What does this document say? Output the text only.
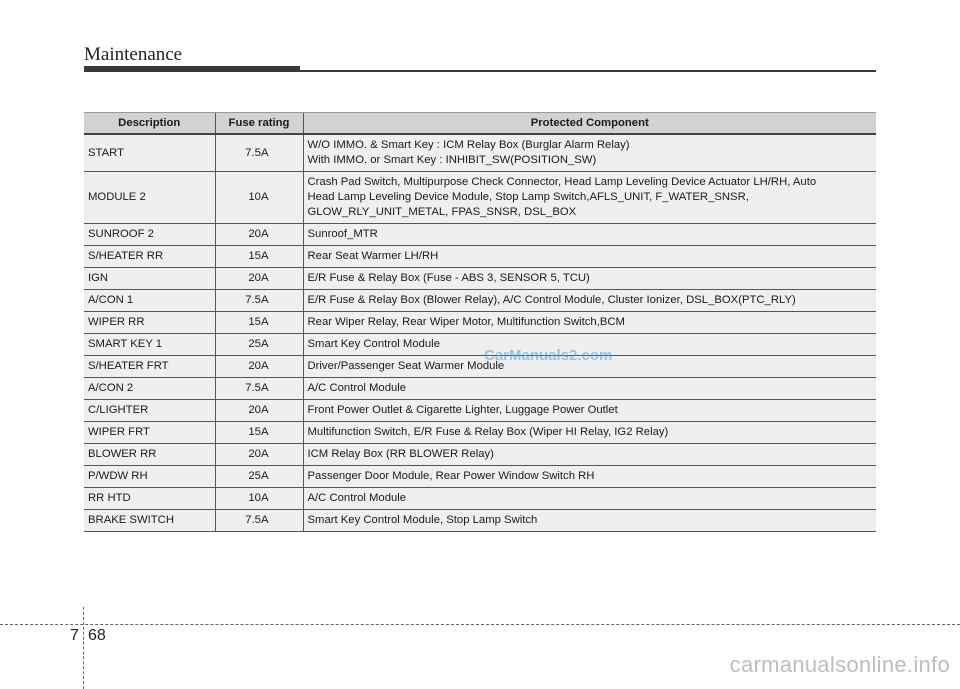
Maintenance
Description	Fuse rating	Protected Component
START	7.5A	W/O IMMO. & Smart Key : ICM Relay Box (Burglar Alarm Relay)
With IMMO. or Smart Key : INHIBIT_SW(POSITION_SW)

MODULE 2	10A	Crash Pad Switch, Multipurpose Check Connector, Head Lamp Leveling Device Actuator LH/RH, Auto
Head Lamp Leveling Device Module, Stop Lamp Switch,AFLS_UNIT, F_WATER_SNSR,
GLOW_RLY_UNIT_METAL, FPAS_SNSR, DSL_BOX

SUNROOF 2	20A	Sunroof_MTR

S/HEATER RR	15A	Rear Seat Warmer LH/RH

IGN	20A	E/R Fuse & Relay Box (Fuse - ABS 3, SENSOR 5, TCU)

A/CON 1	7.5A	E/R Fuse & Relay Box (Blower Relay), A/C Control Module, Cluster Ionizer, DSL_BOX(PTC_RLY)

WIPER RR	15A	Rear Wiper Relay, Rear Wiper Motor, Multifunction Switch,BCM

SMART KEY 1	25A	Smart Key Control Module

S/HEATER FRT	20A	Driver/Passenger Seat Warmer Module

A/CON 2	7.5A	A/C Control Module

C/LIGHTER	20A	Front Power Outlet & Cigarette Lighter, Luggage Power Outlet

WIPER FRT	15A	Multifunction Switch, E/R Fuse & Relay Box (Wiper HI Relay, IG2 Relay)

BLOWER RR	20A	ICM Relay Box (RR BLOWER Relay)

P/WDW RH	25A	Passenger Door Module, Rear Power Window Switch RH

RR HTD	10A	A/C Control Module

BRAKE SWITCH	7.5A	Smart Key Control Module, Stop Lamp Switch
CarManuals2.com
7 68
carmanualsonline.info
